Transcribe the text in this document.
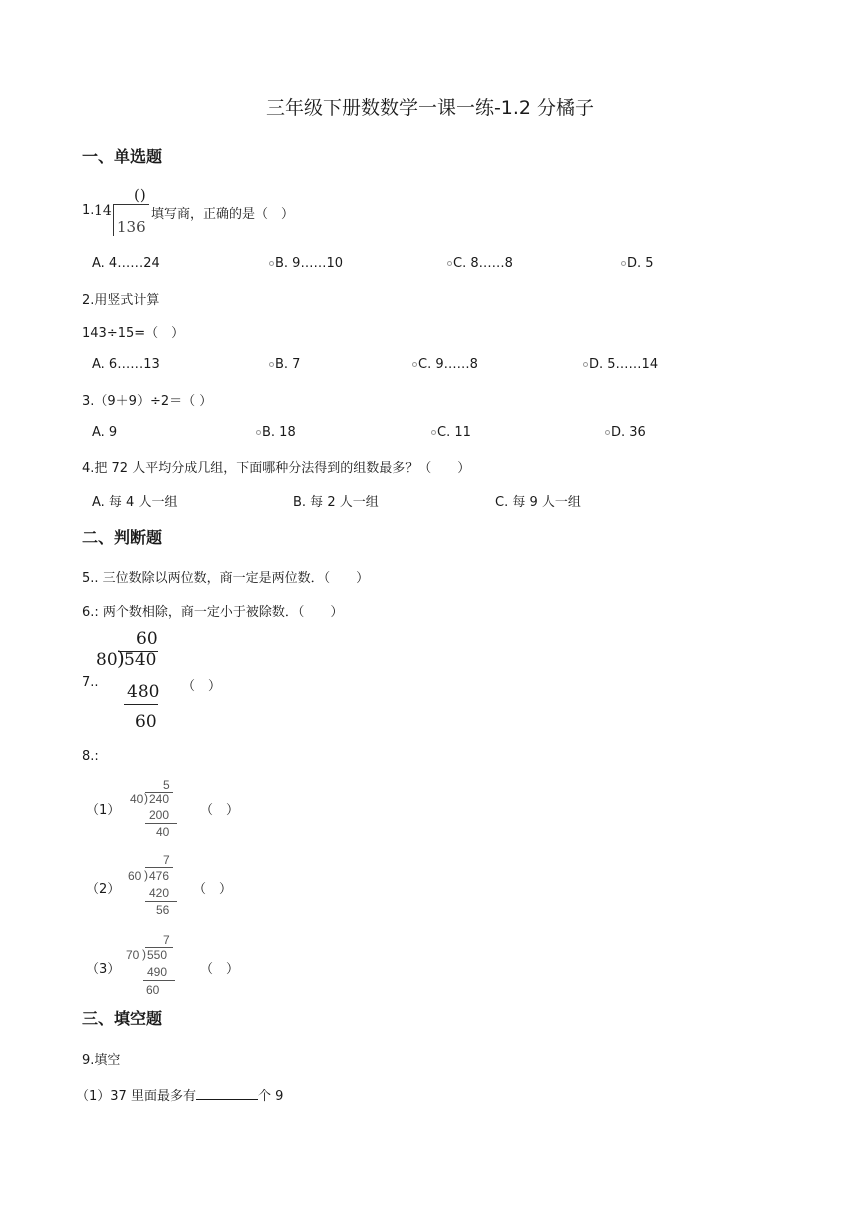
三年级下册数数学一课一练-1.2 分橘子
一、单选题
1. 14
()
136
填写商，正确的是（　）
A. 4……24	B. 9……10	C. 8……8	D. 5
2.用竖式计算
143÷15=（　）
A. 6……13	B. 7	C. 9……8	D. 5……14
3.（9＋9）÷2＝（ ）
A. 9	B. 18	C. 11	D. 36
4.把 72 人平均分成几组，下面哪种分法得到的组数最多？（　　）
A. 每 4 人一组	B. 每 2 人一组	C. 每 9 人一组
二、判断题
5.. 三位数除以两位数，商一定是两位数．（　　）
6.: 两个数相除，商一定小于被除数．（　　）
7..
60
80 ) 540
480
60
（　）
8.:
（1）
5
40 ) 240
200
40
（　）
（2）
7
60 ) 476
420
56
（　）
（3）
7
70 ) 550
490
60
（　）
三、填空题
9.填空
（1）37 里面最多有	个 9
